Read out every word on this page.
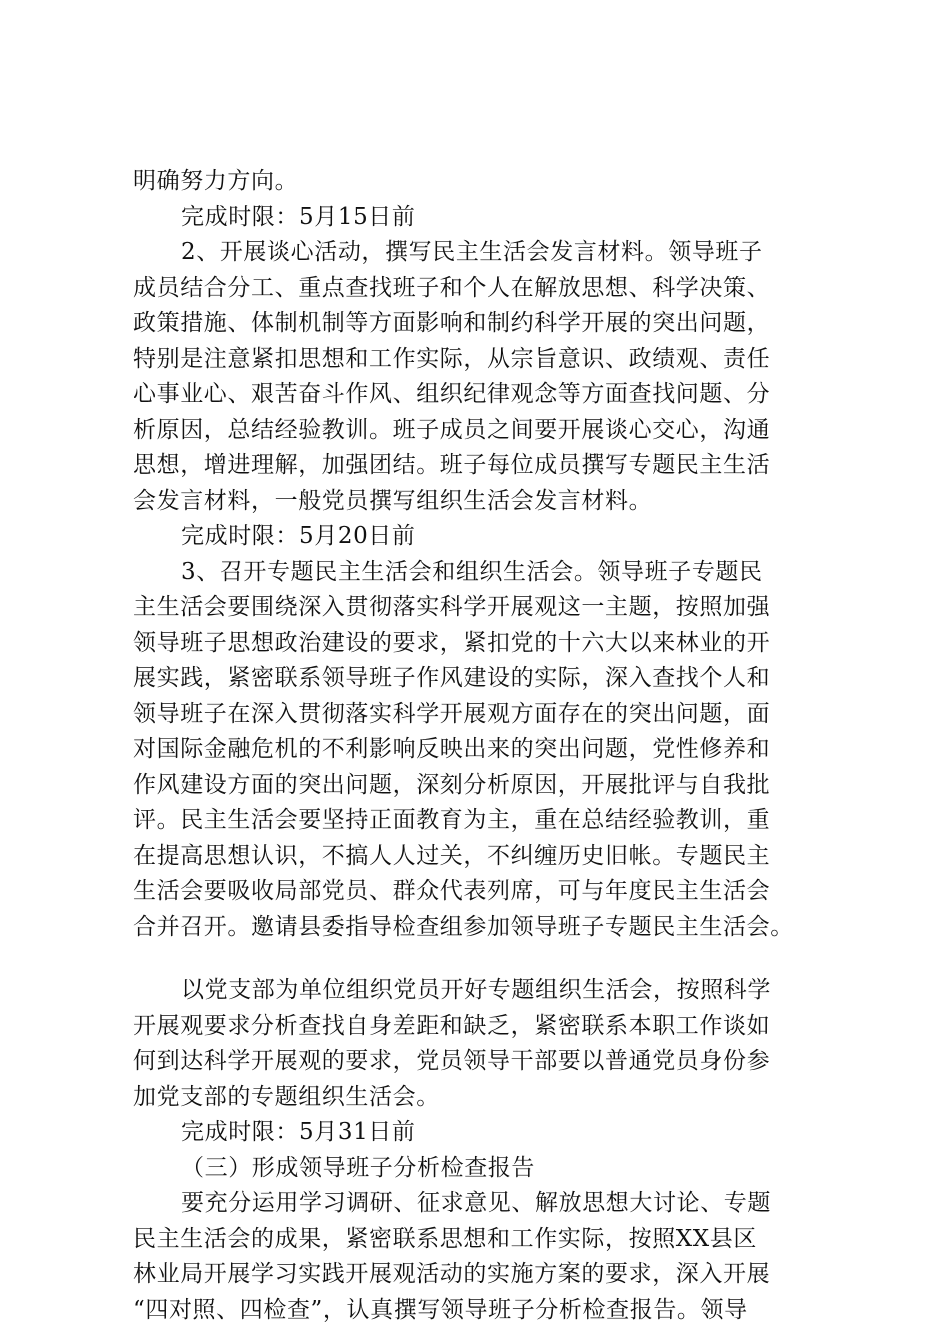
明确努力方向。
完成时限：5月15日前
2、开展谈心活动，撰写民主生活会发言材料。领导班子
成员结合分工、重点查找班子和个人在解放思想、科学决策、
政策措施、体制机制等方面影响和制约科学开展的突出问题，
特别是注意紧扣思想和工作实际，从宗旨意识、政绩观、责任
心事业心、艰苦奋斗作风、组织纪律观念等方面查找问题、分
析原因，总结经验教训。班子成员之间要开展谈心交心，沟通
思想，增进理解，加强团结。班子每位成员撰写专题民主生活
会发言材料，一般党员撰写组织生活会发言材料。
完成时限：5月20日前
3、召开专题民主生活会和组织生活会。领导班子专题民
主生活会要围绕深入贯彻落实科学开展观这一主题，按照加强
领导班子思想政治建设的要求，紧扣党的十六大以来林业的开
展实践，紧密联系领导班子作风建设的实际，深入查找个人和
领导班子在深入贯彻落实科学开展观方面存在的突出问题，面
对国际金融危机的不利影响反映出来的突出问题，党性修养和
作风建设方面的突出问题，深刻分析原因，开展批评与自我批
评。民主生活会要坚持正面教育为主，重在总结经验教训，重
在提高思想认识，不搞人人过关，不纠缠历史旧帐。专题民主
生活会要吸收局部党员、群众代表列席，可与年度民主生活会
合并召开。邀请县委指导检查组参加领导班子专题民主生活会。
以党支部为单位组织党员开好专题组织生活会，按照科学
开展观要求分析查找自身差距和缺乏，紧密联系本职工作谈如
何到达科学开展观的要求，党员领导干部要以普通党员身份参
加党支部的专题组织生活会。
完成时限：5月31日前
（三）形成领导班子分析检查报告
要充分运用学习调研、征求意见、解放思想大讨论、专题
民主生活会的成果，紧密联系思想和工作实际，按照XX县区
林业局开展学习实践开展观活动的实施方案的要求，深入开展
“四对照、四检查”，认真撰写领导班子分析检查报告。领导
